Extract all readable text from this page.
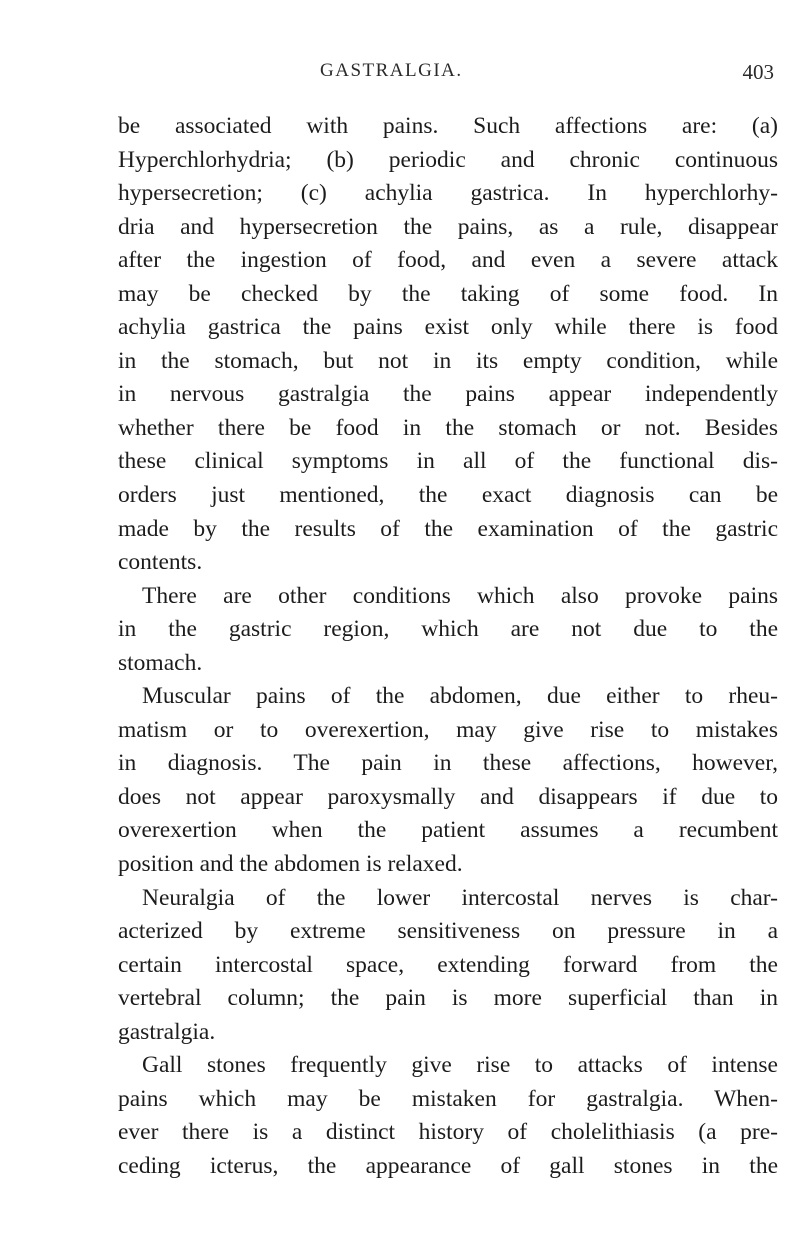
GASTRALGIA.	403
be associated with pains. Such affections are: (a)
Hyperchlorhydria; (b) periodic and chronic continuous
hypersecretion; (c) achylia gastrica. In hyperchlorhy-
dria and hypersecretion the pains, as a rule, disappear
after the ingestion of food, and even a severe attack
may be checked by the taking of some food. In
achylia gastrica the pains exist only while there is food
in the stomach, but not in its empty condition, while
in nervous gastralgia the pains appear independently
whether there be food in the stomach or not. Besides
these clinical symptoms in all of the functional dis-
orders just mentioned, the exact diagnosis can be
made by the results of the examination of the gastric
contents.
There are other conditions which also provoke pains
in the gastric region, which are not due to the
stomach.
Muscular pains of the abdomen, due either to rheu-
matism or to overexertion, may give rise to mistakes
in diagnosis. The pain in these affections, however,
does not appear paroxysmally and disappears if due to
overexertion when the patient assumes a recumbent
position and the abdomen is relaxed.
Neuralgia of the lower intercostal nerves is char-
acterized by extreme sensitiveness on pressure in a
certain intercostal space, extending forward from the
vertebral column; the pain is more superficial than in
gastralgia.
Gall stones frequently give rise to attacks of intense
pains which may be mistaken for gastralgia. When-
ever there is a distinct history of cholelithiasis (a pre-
ceding icterus, the appearance of gall stones in the
